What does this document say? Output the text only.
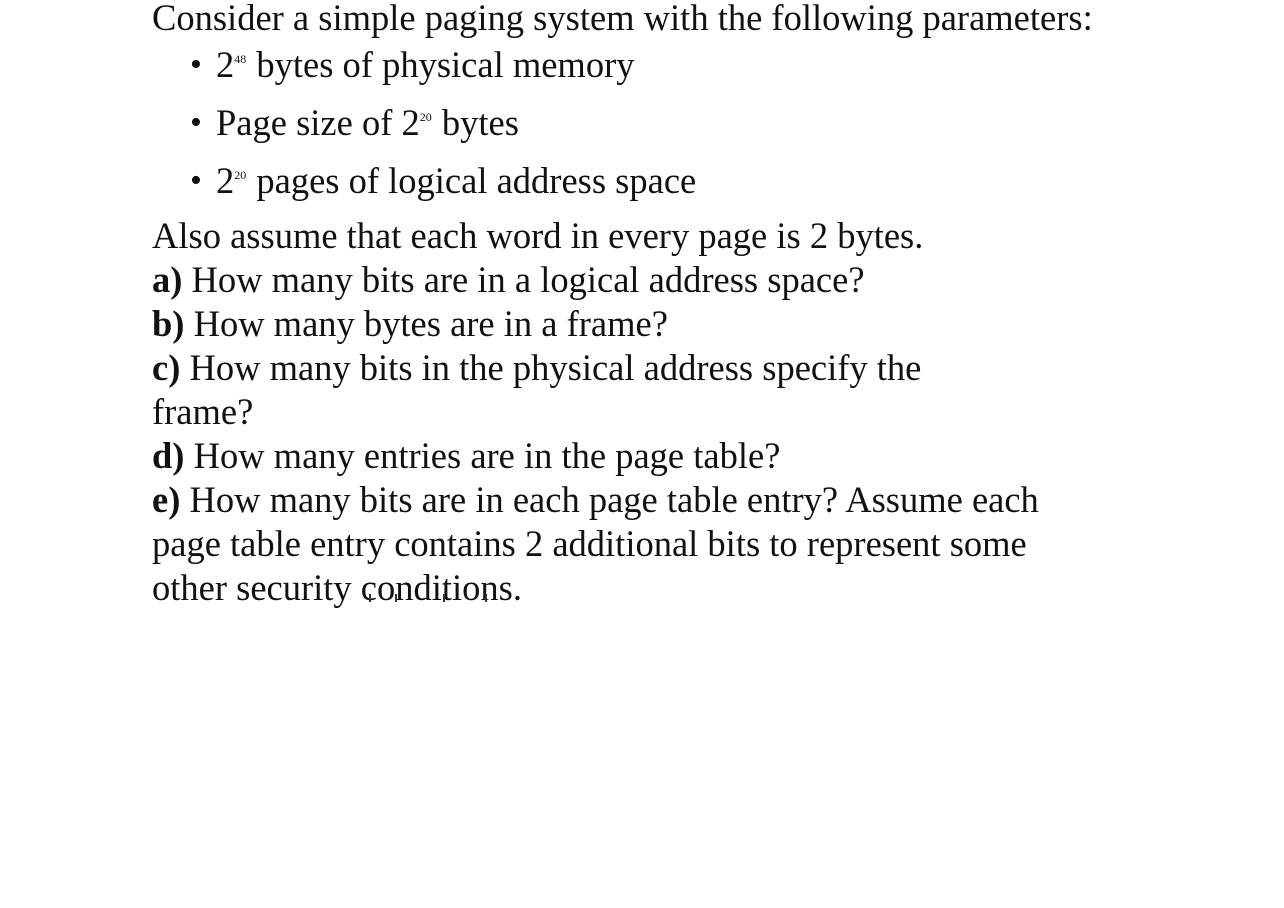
Consider a simple paging system with the following parameters:
• $2^{48}$ bytes of physical memory
• Page size of $2^{20}$ bytes
• $2^{20}$ pages of logical address space
Also assume that each word in every page is 2 bytes.
a) How many bits are in a logical address space?
b) How many bytes are in a frame?
c) How many bits in the physical address specify the
frame?
d) How many entries are in the page table?
e) How many bits are in each page table entry? Assume each
page table entry contains 2 additional bits to represent some
other security conditions.
